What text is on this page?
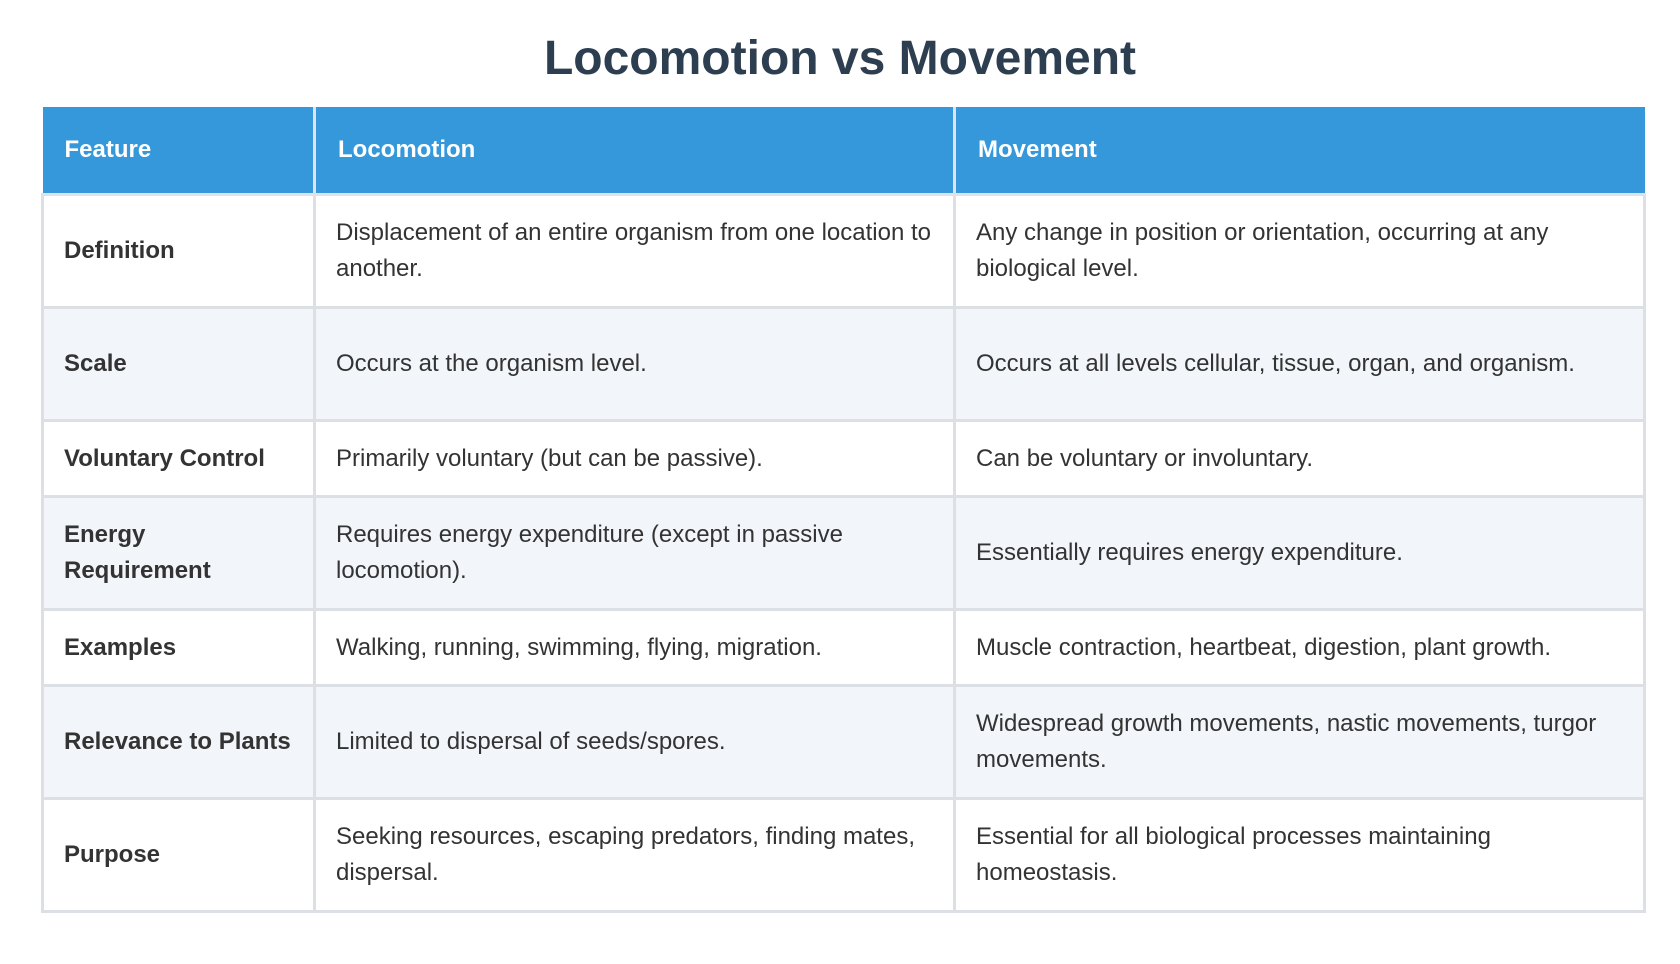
Locomotion vs Movement
Feature	Locomotion	Movement
Definition	Displacement of an entire organism from one location to another.	Any change in position or orientation, occurring at any biological level.
Scale	Occurs at the organism level.	Occurs at all levels cellular, tissue, organ, and organism.
Voluntary Control	Primarily voluntary (but can be passive).	Can be voluntary or involuntary.
Energy Requirement	Requires energy expenditure (except in passive locomotion).	Essentially requires energy expenditure.
Examples	Walking, running, swimming, flying, migration.	Muscle contraction, heartbeat, digestion, plant growth.
Relevance to Plants	Limited to dispersal of seeds/spores.	Widespread growth movements, nastic movements, turgor movements.
Purpose	Seeking resources, escaping predators, finding mates, dispersal.	Essential for all biological processes maintaining homeostasis.
